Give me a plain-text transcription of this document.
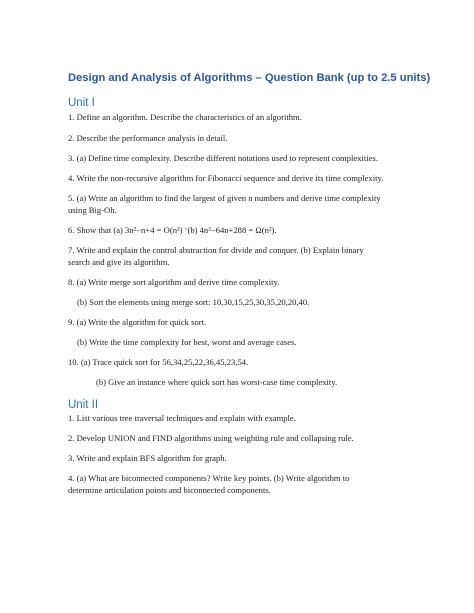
Design and Analysis of Algorithms – Question Bank (up to 2.5 units)
Unit I
1. Define an algorithm. Describe the characteristics of an algorithm.
2. Describe the performance analysis in detail.
3. (a) Define time complexity. Describe different notations used to represent complexities.
4. Write the non-recursive algorithm for Fibonacci sequence and derive its time complexity.
5. (a) Write an algorithm to find the largest of given n numbers and derive time complexity
using Big-Oh.
6. Show that (a) 3n²−n+4 = O(n²) ‘(b) 4n²−64n+288 = Ω(n²).
7. Write and explain the control abstraction for divide and conquer. (b) Explain binary
search and give its algorithm.
8. (a) Write merge sort algorithm and derive time complexity.
(b) Sort the elements using merge sort: 10,30,15,25,30,35,20,20,40.
9. (a) Write the algorithm for quick sort.
(b) Write the time complexity for best, worst and average cases.
10. (a) Trace quick sort for 56,34,25,22,36,45,23,54.
(b) Give an instance where quick sort has worst-case time complexity.
Unit II
1. List various tree traversal techniques and explain with example.
2. Develop UNION and FIND algorithms using weighting rule and collapsing rule.
3. Write and explain BFS algorithm for graph.
4. (a) What are biconnected components? Write key points. (b) Write algorithm to
determine articulation points and biconnected components.
